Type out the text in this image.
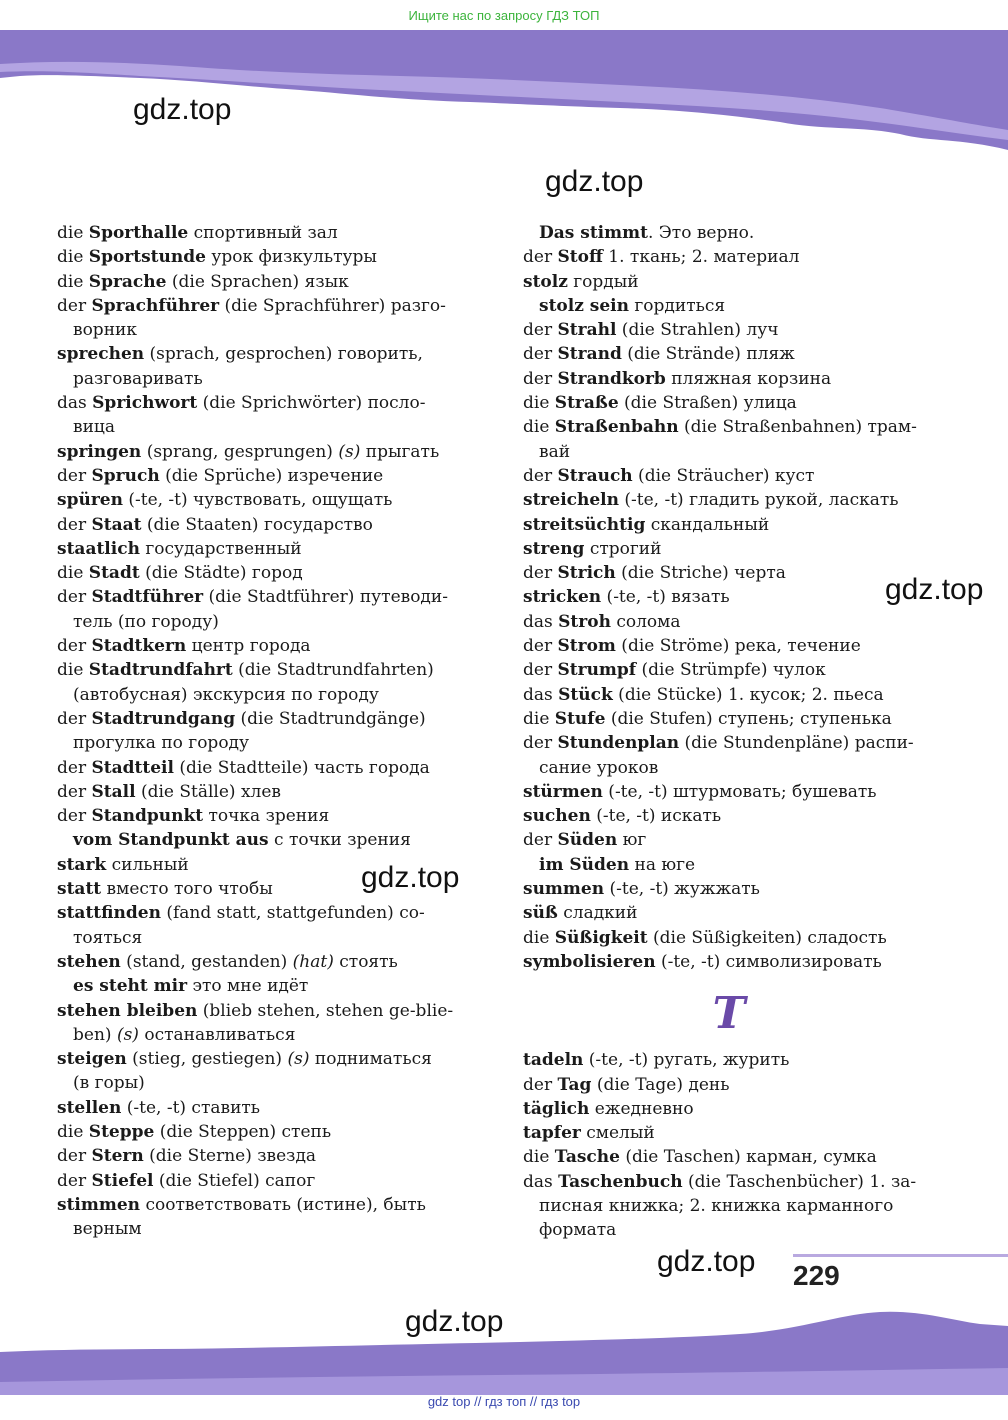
Ищите нас по запросу ГДЗ ТОП
gdz.top
gdz.top
gdz.top
gdz.top
gdz.top
gdz.top
die Sporthalle спортивный зал
die Sportstunde урок физкультуры
die Sprache (die Sprachen) язык
der Sprachführer (die Sprachführer) разго-
ворник
sprechen (sprach, gesprochen) говорить,
разговаривать
das Sprichwort (die Sprichwörter) посло-
вица
springen (sprang, gesprungen) (s) прыгать
der Spruch (die Sprüche) изречение
spüren (-te, -t) чувствовать, ощущать
der Staat (die Staaten) государство
staatlich государственный
die Stadt (die Städte) город
der Stadtführer (die Stadtführer) путеводи-
тель (по городу)
der Stadtkern центр города
die Stadtrundfahrt (die Stadtrundfahrten)
(автобусная) экскурсия по городу
der Stadtrundgang (die Stadtrundgänge)
прогулка по городу
der Stadtteil (die Stadtteile) часть города
der Stall (die Ställe) хлев
der Standpunkt точка зрения
vom Standpunkt aus с точки зрения
stark сильный
statt вместо того чтобы
stattfinden (fand statt, stattgefunden) со-
тояться
stehen (stand, gestanden) (hat) стоять
es steht mir это мне идёт
stehen bleiben (blieb stehen, stehen ge-blie-
ben) (s) останавливаться
steigen (stieg, gestiegen) (s) подниматься
(в горы)
stellen (-te, -t) ставить
die Steppe (die Steppen) степь
der Stern (die Sterne) звезда
der Stiefel (die Stiefel) сапог
stimmen соответствовать (истине), быть
верным
Das stimmt. Это верно.
der Stoff 1. ткань; 2. материал
stolz гордый
stolz sein гордиться
der Strahl (die Strahlen) луч
der Strand (die Strände) пляж
der Strandkorb пляжная корзина
die Straße (die Straßen) улица
die Straßenbahn (die Straßenbahnen) трам-
вай
der Strauch (die Sträucher) куст
streicheln (-te, -t) гладить рукой, ласкать
streitsüchtig скандальный
streng строгий
der Strich (die Striche) черта
stricken (-te, -t) вязать
das Stroh солома
der Strom (die Ströme) река, течение
der Strumpf (die Strümpfe) чулок
das Stück (die Stücke) 1. кусок; 2. пьеса
die Stufe (die Stufen) ступень; ступенька
der Stundenplan (die Stundenpläne) распи-
сание уроков
stürmen (-te, -t) штурмовать; бушевать
suchen (-te, -t) искать
der Süden юг
im Süden на юге
summen (-te, -t) жужжать
süß сладкий
die Süßigkeit (die Süßigkeiten) сладость
symbolisieren (-te, -t) символизировать
T
tadeln (-te, -t) ругать, журить
der Tag (die Tage) день
täglich ежедневно
tapfer смелый
die Tasche (die Taschen) карман, сумка
das Taschenbuch (die Taschenbücher) 1. за-
писная книжка; 2. книжка карманного
формата
229
gdz top // гдз топ // гдз top
